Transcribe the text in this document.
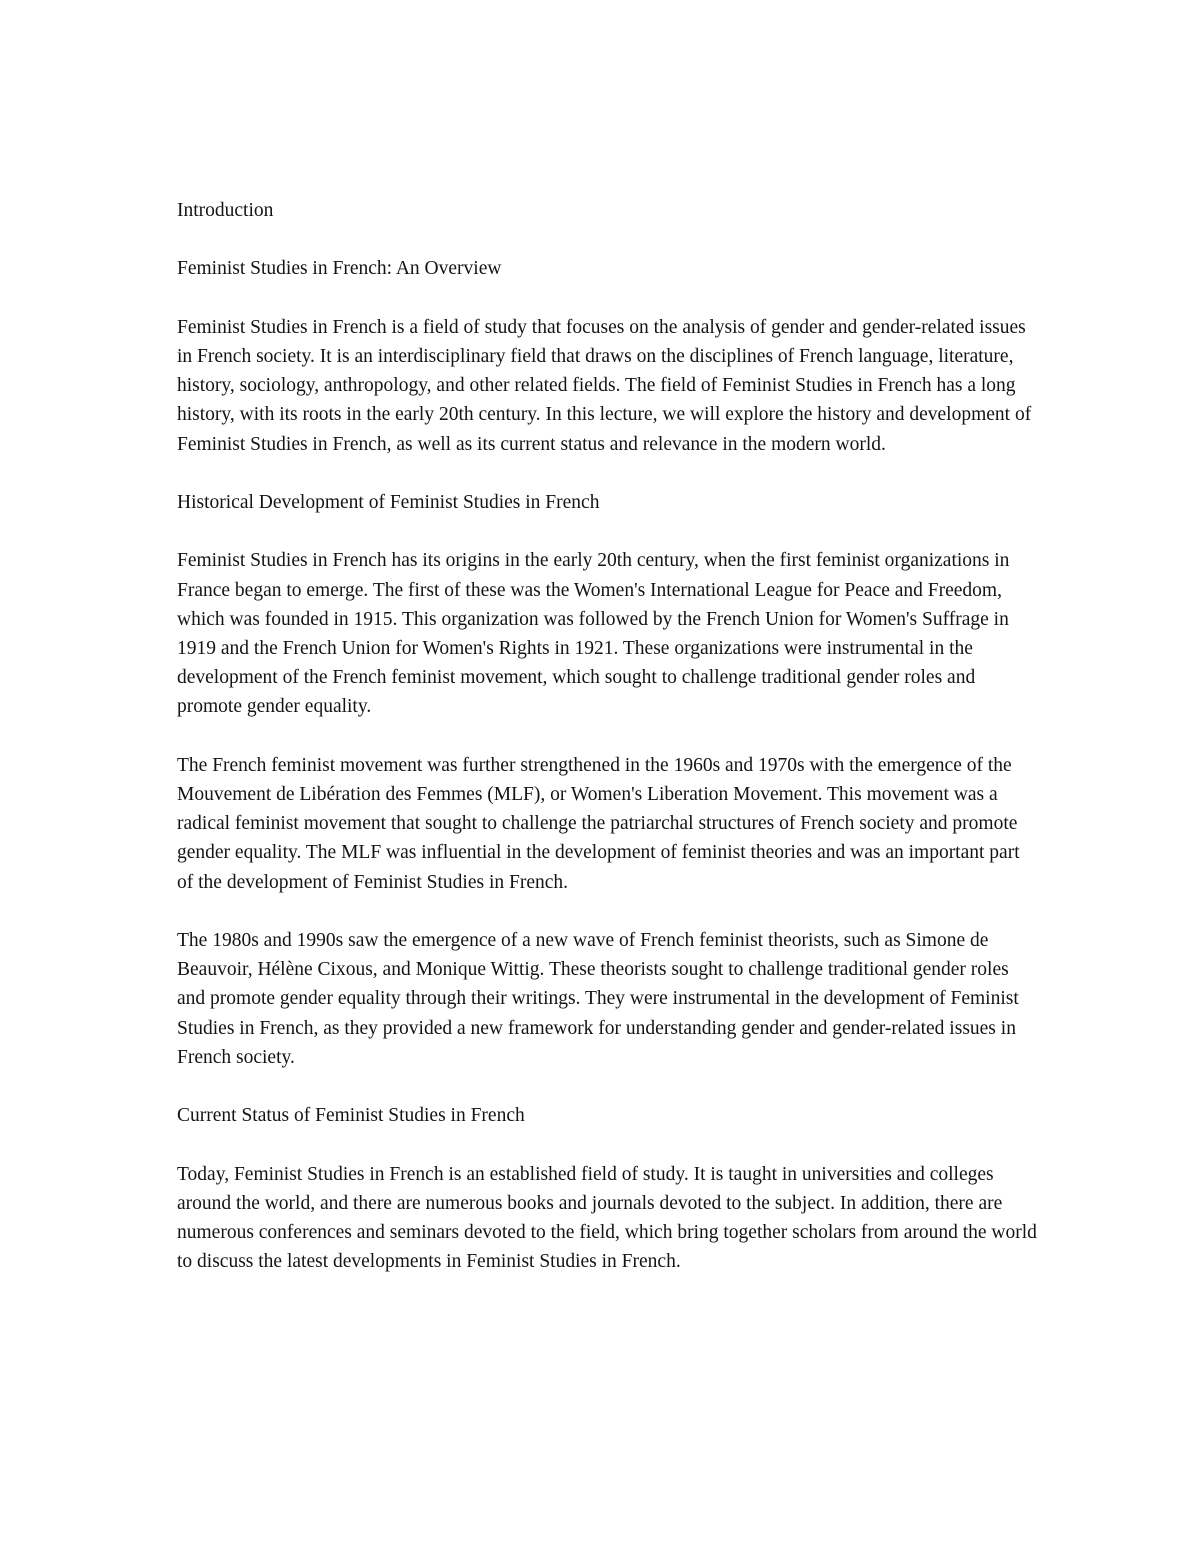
Introduction

Feminist Studies in French: An Overview

Feminist Studies in French is a field of study that focuses on the analysis of gender and gender-related issues in French society. It is an interdisciplinary field that draws on the disciplines of French language, literature, history, sociology, anthropology, and other related fields. The field of Feminist Studies in French has a long history, with its roots in the early 20th century. In this lecture, we will explore the history and development of Feminist Studies in French, as well as its current status and relevance in the modern world.

Historical Development of Feminist Studies in French

Feminist Studies in French has its origins in the early 20th century, when the first feminist organizations in France began to emerge. The first of these was the Women's International League for Peace and Freedom, which was founded in 1915. This organization was followed by the French Union for Women's Suffrage in 1919 and the French Union for Women's Rights in 1921. These organizations were instrumental in the development of the French feminist movement, which sought to challenge traditional gender roles and promote gender equality.

The French feminist movement was further strengthened in the 1960s and 1970s with the emergence of the Mouvement de Libération des Femmes (MLF), or Women's Liberation Movement. This movement was a radical feminist movement that sought to challenge the patriarchal structures of French society and promote gender equality. The MLF was influential in the development of feminist theories and was an important part of the development of Feminist Studies in French.

The 1980s and 1990s saw the emergence of a new wave of French feminist theorists, such as Simone de Beauvoir, Hélène Cixous, and Monique Wittig. These theorists sought to challenge traditional gender roles and promote gender equality through their writings. They were instrumental in the development of Feminist Studies in French, as they provided a new framework for understanding gender and gender-related issues in French society.

Current Status of Feminist Studies in French

Today, Feminist Studies in French is an established field of study. It is taught in universities and colleges around the world, and there are numerous books and journals devoted to the subject. In addition, there are numerous conferences and seminars devoted to the field, which bring together scholars from around the world to discuss the latest developments in Feminist Studies in French.
